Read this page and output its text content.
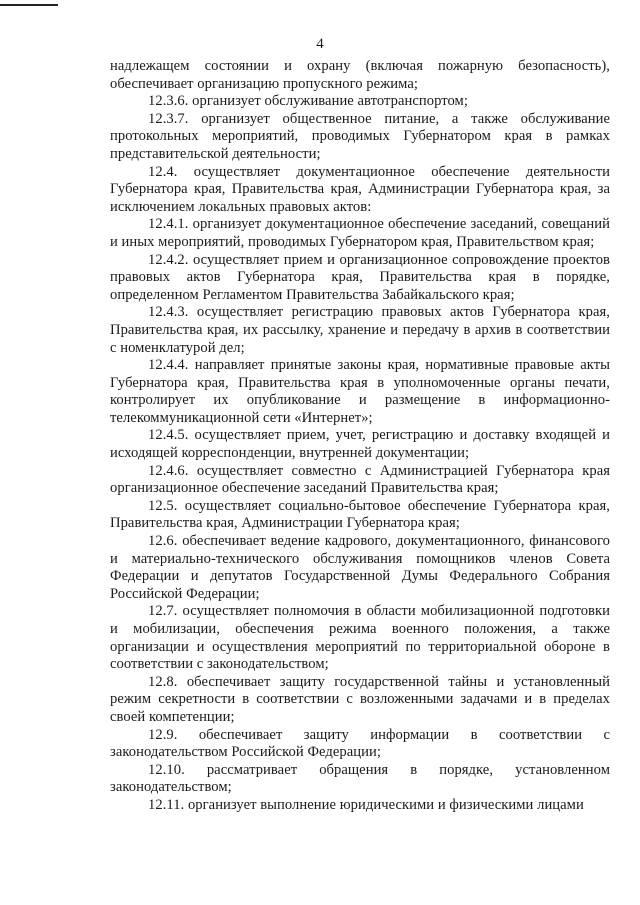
4

надлежащем состоянии и охрану (включая пожарную безопасность), обеспечивает организацию пропускного режима;

12.3.6. организует обслуживание автотранспортом;

12.3.7. организует общественное питание, а также обслуживание протокольных мероприятий, проводимых Губернатором края в рамках представительской деятельности;

12.4. осуществляет документационное обеспечение деятельности Губернатора края, Правительства края, Администрации Губернатора края, за исключением локальных правовых актов:

12.4.1. организует документационное обеспечение заседаний, совещаний и иных мероприятий, проводимых Губернатором края, Правительством края;

12.4.2. осуществляет прием и организационное сопровождение проектов правовых актов Губернатора края, Правительства края в порядке, определенном Регламентом Правительства Забайкальского края;

12.4.3. осуществляет регистрацию правовых актов Губернатора края, Правительства края, их рассылку, хранение и передачу в архив в соответствии с номенклатурой дел;

12.4.4. направляет принятые законы края, нормативные правовые акты Губернатора края, Правительства края в уполномоченные органы печати, контролирует их опубликование и размещение в информационно-телекоммуникационной сети «Интернет»;

12.4.5. осуществляет прием, учет, регистрацию и доставку входящей и исходящей корреспонденции, внутренней документации;

12.4.6. осуществляет совместно с Администрацией Губернатора края организационное обеспечение заседаний Правительства края;

12.5. осуществляет социально-бытовое обеспечение Губернатора края, Правительства края, Администрации Губернатора края;

12.6. обеспечивает ведение кадрового, документационного, финансового и материально-технического обслуживания помощников членов Совета Федерации и депутатов Государственной Думы Федерального Собрания Российской Федерации;

12.7. осуществляет полномочия в области мобилизационной подготовки и мобилизации, обеспечения режима военного положения, а также организации и осуществления мероприятий по территориальной обороне в соответствии с законодательством;

12.8. обеспечивает защиту государственной тайны и установленный режим секретности в соответствии с возложенными задачами и в пределах своей компетенции;

12.9. обеспечивает защиту информации в соответствии с законодательством Российской Федерации;

12.10. рассматривает обращения в порядке, установленном законодательством;

12.11. организует выполнение юридическими и физическими лицами
